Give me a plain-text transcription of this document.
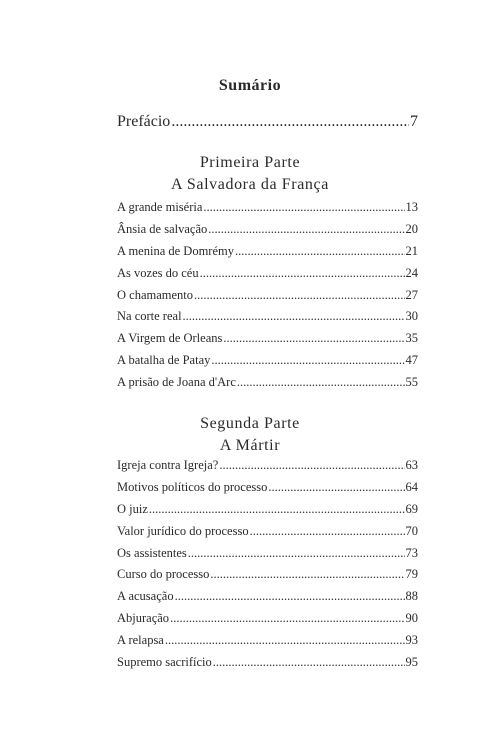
Sumário
Prefácio .....	7
Primeira Parte
A Salvadora da França
A grande miséria .....	13
Ânsia de salvação .....	20
A menina de Domrémy .....	21
As vozes do céu .....	24
O chamamento .....	27
Na corte real .....	30
A Virgem de Orleans .....	35
A batalha de Patay .....	47
A prisão de Joana d'Arc .....	55
Segunda Parte
A Mártir
Igreja contra Igreja? .....	63
Motivos políticos do processo .....	64
O juiz .....	69
Valor jurídico do processo .....	70
Os assistentes .....	73
Curso do processo .....	79
A acusação .....	88
Abjuração .....	90
A relapsa .....	93
Supremo sacrifício .....	95
